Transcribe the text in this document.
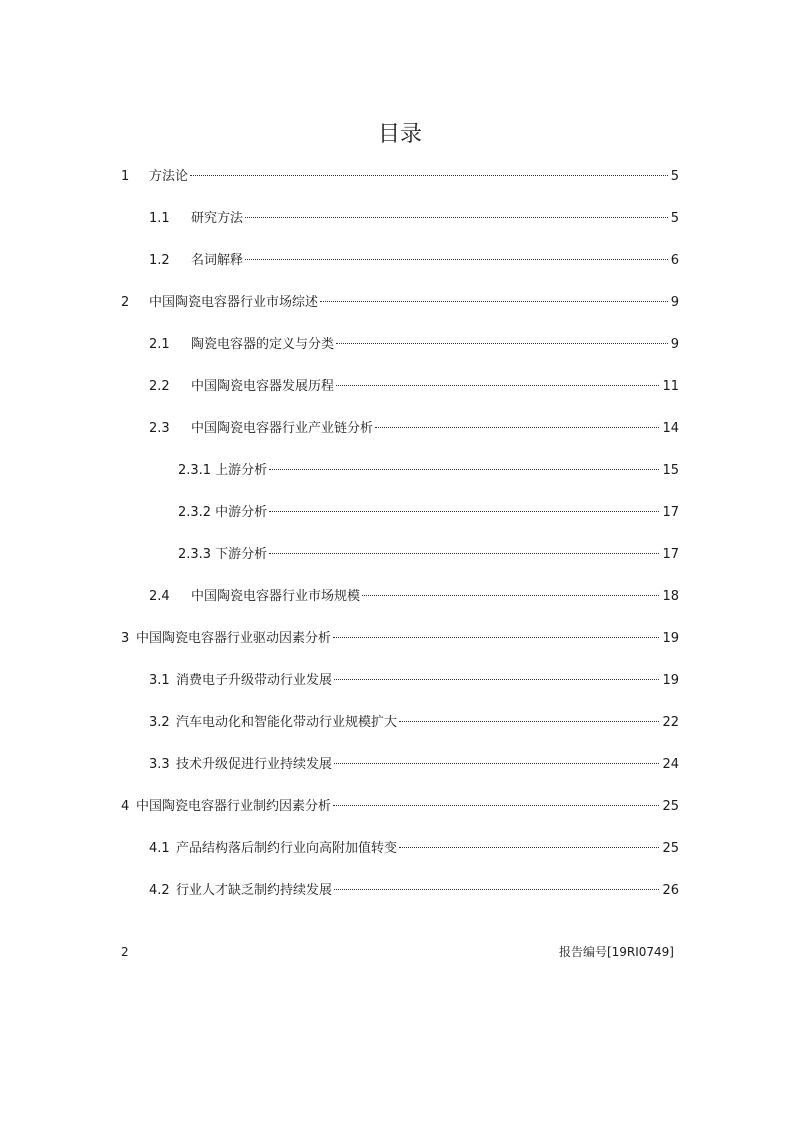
目录
1	方法论	5
1.1	研究方法	5
1.2	名词解释	6
2	中国陶瓷电容器行业市场综述	9
2.1	陶瓷电容器的定义与分类	9
2.2	中国陶瓷电容器发展历程	11
2.3	中国陶瓷电容器行业产业链分析	14
2.3.1 上游分析	15
2.3.2 中游分析	17
2.3.3 下游分析	17
2.4	中国陶瓷电容器行业市场规模	18
3 中国陶瓷电容器行业驱动因素分析	19
3.1 消费电子升级带动行业发展	19
3.2 汽车电动化和智能化带动行业规模扩大	22
3.3 技术升级促进行业持续发展	24
4 中国陶瓷电容器行业制约因素分析	25
4.1 产品结构落后制约行业向高附加值转变	25
4.2 行业人才缺乏制约持续发展	26
2	报告编号[19RI0749]
